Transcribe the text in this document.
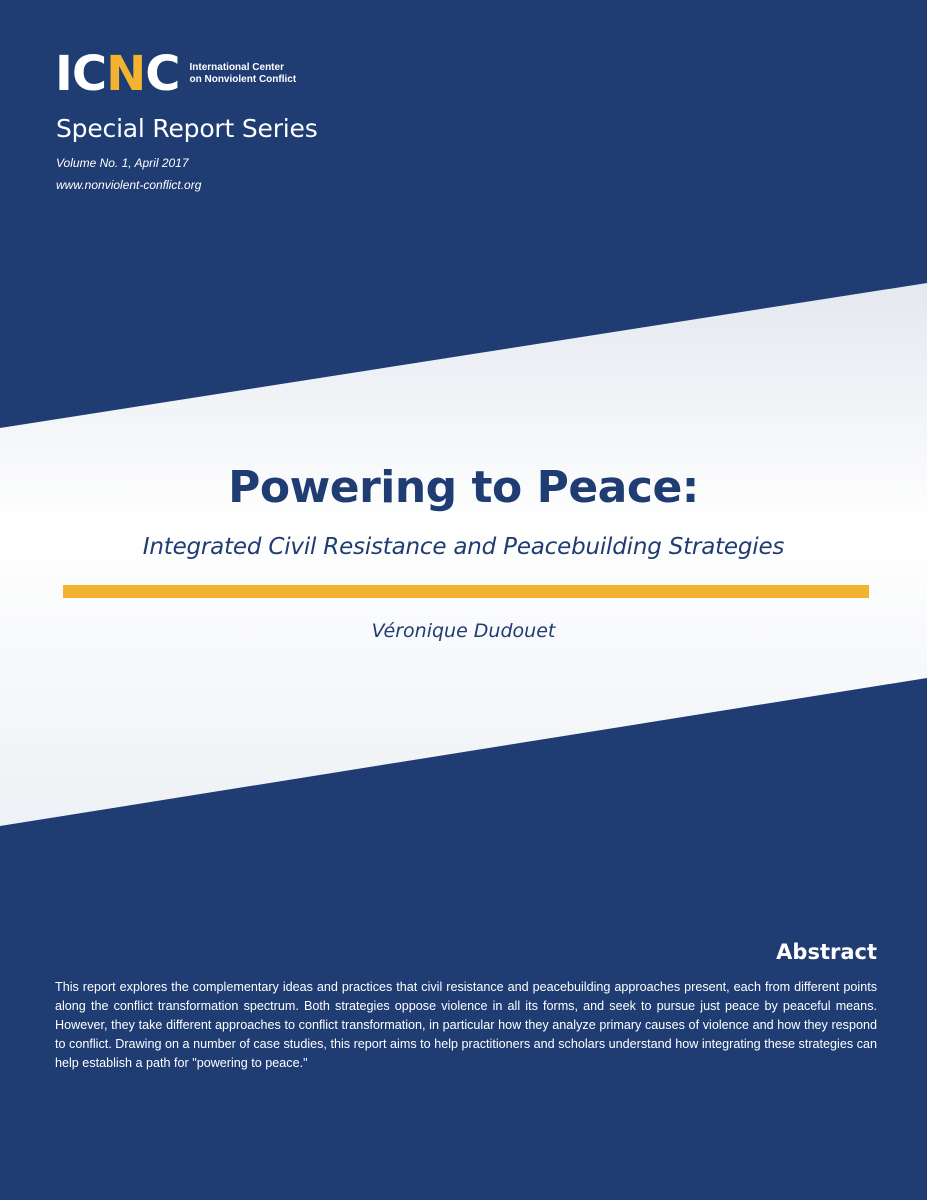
ICNC International Center
on Nonviolent Conflict
Special Report Series
Volume No. 1, April 2017
www.nonviolent-conflict.org
Powering to Peace:
Integrated Civil Resistance and Peacebuilding Strategies
Véronique Dudouet
Abstract
This report explores the complementary ideas and practices that civil resistance and peacebuilding approaches present, each from different points along the conflict transformation spectrum. Both strategies oppose violence in all its forms, and seek to pursue just peace by peaceful means. However, they take different approaches to conflict transformation, in particular how they analyze primary causes of violence and how they respond to conflict. Drawing on a number of case studies, this report aims to help practitioners and scholars understand how integrating these strategies can help establish a path for "powering to peace."
